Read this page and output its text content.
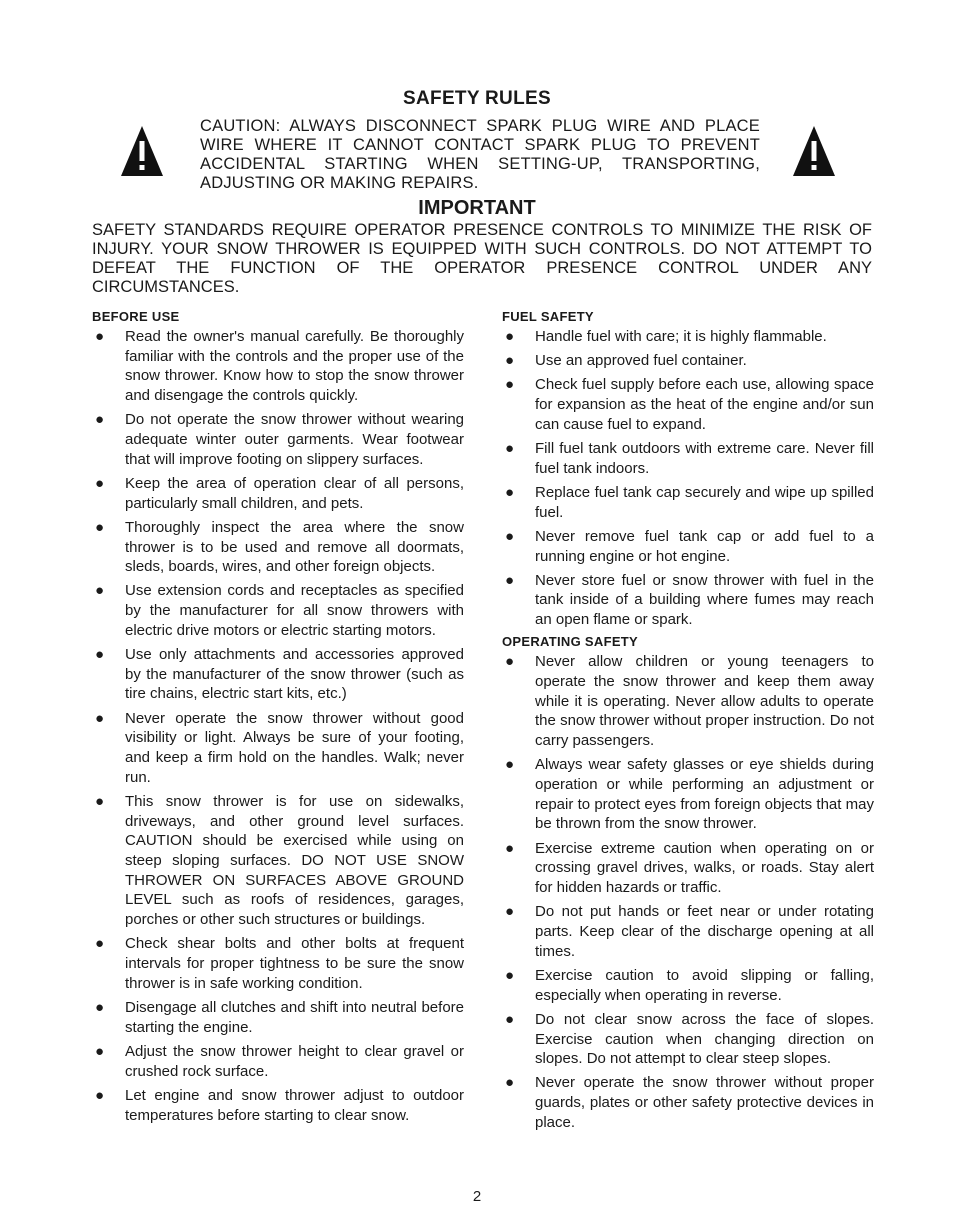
SAFETY RULES
CAUTION: ALWAYS DISCONNECT SPARK PLUG WIRE AND PLACE WIRE WHERE IT CANNOT CONTACT SPARK PLUG TO PREVENT ACCIDENTAL STARTING WHEN SETTING-UP, TRANSPORTING, ADJUSTING OR MAKING REPAIRS.
IMPORTANT
SAFETY STANDARDS REQUIRE OPERATOR PRESENCE CONTROLS TO MINIMIZE THE RISK OF INJURY. YOUR SNOW THROWER IS EQUIPPED WITH SUCH CONTROLS. DO NOT ATTEMPT TO DEFEAT THE FUNCTION OF THE OPERATOR PRESENCE CONTROL UNDER ANY CIRCUMSTANCES.
BEFORE USE
● Read the owner's manual carefully. Be thoroughly familiar with the controls and the proper use of the snow thrower. Know how to stop the snow thrower and disengage the controls quickly.
● Do not operate the snow thrower without wearing adequate winter outer garments. Wear footwear that will improve footing on slippery surfaces.
● Keep the area of operation clear of all persons, particularly small children, and pets.
● Thoroughly inspect the area where the snow thrower is to be used and remove all doormats, sleds, boards, wires, and other foreign objects.
● Use extension cords and receptacles as specified by the manufacturer for all snow throwers with electric drive motors or electric starting motors.
● Use only attachments and accessories approved by the manufacturer of the snow thrower (such as tire chains, electric start kits, etc.)
● Never operate the snow thrower without good visibility or light. Always be sure of your footing, and keep a firm hold on the handles. Walk; never run.
● This snow thrower is for use on sidewalks, driveways, and other ground level surfaces. CAUTION should be exercised while using on steep sloping surfaces. DO NOT USE SNOW THROWER ON SURFACES ABOVE GROUND LEVEL such as roofs of residences, garages, porches or other such structures or buildings.
● Check shear bolts and other bolts at frequent intervals for proper tightness to be sure the snow thrower is in safe working condition.
● Disengage all clutches and shift into neutral before starting the engine.
● Adjust the snow thrower height to clear gravel or crushed rock surface.
● Let engine and snow thrower adjust to outdoor temperatures before starting to clear snow.
FUEL SAFETY
● Handle fuel with care; it is highly flammable.
● Use an approved fuel container.
● Check fuel supply before each use, allowing space for expansion as the heat of the engine and/or sun can cause fuel to expand.
● Fill fuel tank outdoors with extreme care. Never fill fuel tank indoors.
● Replace fuel tank cap securely and wipe up spilled fuel.
● Never remove fuel tank cap or add fuel to a running engine or hot engine.
● Never store fuel or snow thrower with fuel in the tank inside of a building where fumes may reach an open flame or spark.
OPERATING SAFETY
● Never allow children or young teenagers to operate the snow thrower and keep them away while it is operating. Never allow adults to operate the snow thrower without proper instruction. Do not carry passengers.
● Always wear safety glasses or eye shields during operation or while performing an adjustment or repair to protect eyes from foreign objects that may be thrown from the snow thrower.
● Exercise extreme caution when operating on or crossing gravel drives, walks, or roads. Stay alert for hidden hazards or traffic.
● Do not put hands or feet near or under rotating parts. Keep clear of the discharge opening at all times.
● Exercise caution to avoid slipping or falling, especially when operating in reverse.
● Do not clear snow across the face of slopes. Exercise caution when changing direction on slopes. Do not attempt to clear steep slopes.
● Never operate the snow thrower without proper guards, plates or other safety protective devices in place.
2
